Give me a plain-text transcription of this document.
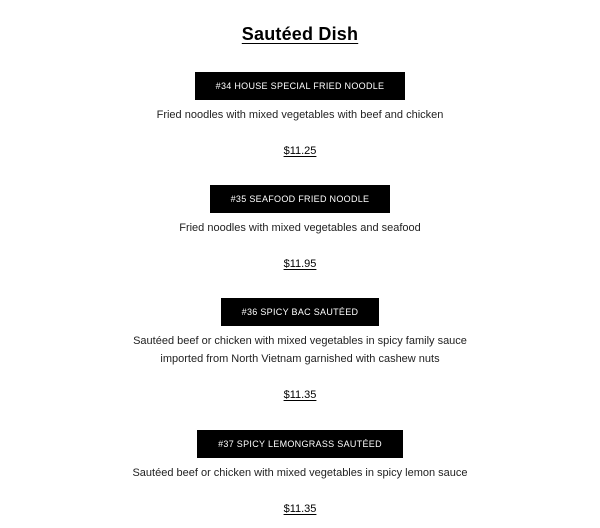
Sautéed Dish
#34 HOUSE SPECIAL FRIED NOODLE
Fried noodles with mixed vegetables with beef and chicken
$11.25
#35 SEAFOOD FRIED NOODLE
Fried noodles with mixed vegetables and seafood
$11.95
#36 SPICY BAC SAUTÉED
Sautéed beef or chicken with mixed vegetables in spicy family sauce imported from North Vietnam garnished with cashew nuts
$11.35
#37 SPICY LEMONGRASS SAUTÉED
Sautéed beef or chicken with mixed vegetables in spicy lemon sauce
$11.35
